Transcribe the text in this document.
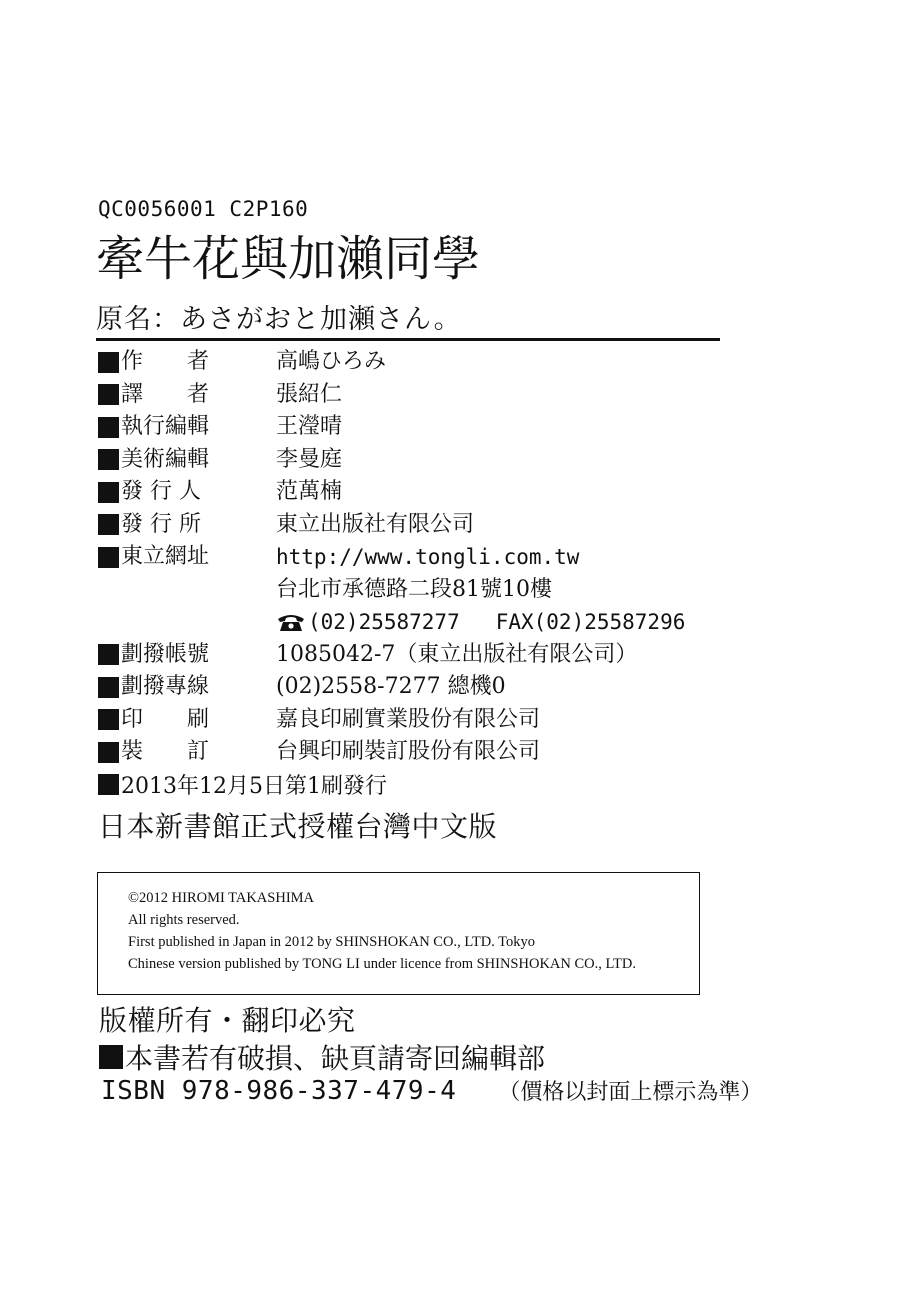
QC0056001 C2P160
牽牛花與加瀨同學
原名：あさがおと加瀬さん。
作　　者	高嶋ひろみ
譯　　者	張紹仁
執行編輯	王瀅晴
美術編輯	李曼庭
發 行 人	范萬楠
發 行 所	東立出版社有限公司
東立網址	http://www.tongli.com.tw
台北市承德路二段81號10樓
(02)25587277 FAX(02)25587296
劃撥帳號	1085042-7（東立出版社有限公司）
劃撥專線	(02)2558-7277 總機0
印　　刷	嘉良印刷實業股份有限公司
裝　　訂	台興印刷裝訂股份有限公司
2013年12月5日第1刷發行
日本新書館正式授權台灣中文版
©2012 HIROMI TAKASHIMA
All rights reserved.
First published in Japan in 2012 by SHINSHOKAN CO., LTD. Tokyo
Chinese version published by TONG LI under licence from SHINSHOKAN CO., LTD.
版權所有・翻印必究
本書若有破損、缺頁請寄回編輯部
ISBN 978-986-337-479-4 （價格以封面上標示為準）
